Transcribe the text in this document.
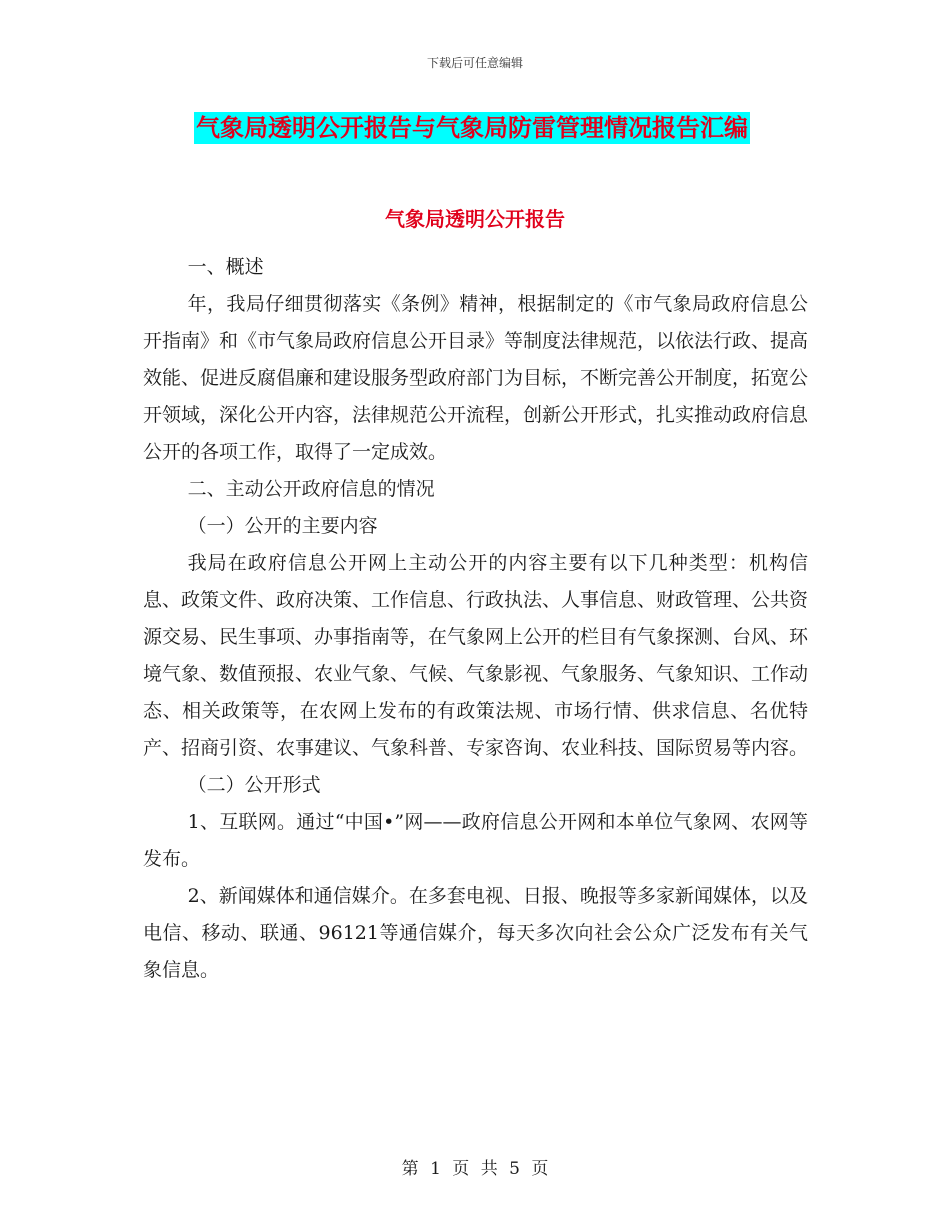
下载后可任意编辑
气象局透明公开报告与气象局防雷管理情况报告汇编
气象局透明公开报告

一、概述

年，我局仔细贯彻落实《条例》精神，根据制定的《市气象局政府信息公开指南》和《市气象局政府信息公开目录》等制度法律规范，以依法行政、提高效能、促进反腐倡廉和建设服务型政府部门为目标，不断完善公开制度，拓宽公开领域，深化公开内容，法律规范公开流程，创新公开形式，扎实推动政府信息公开的各项工作，取得了一定成效。

二、主动公开政府信息的情况

（一）公开的主要内容

我局在政府信息公开网上主动公开的内容主要有以下几种类型：机构信息、政策文件、政府决策、工作信息、行政执法、人事信息、财政管理、公共资源交易、民生事项、办事指南等，在气象网上公开的栏目有气象探测、台风、环境气象、数值预报、农业气象、气候、气象影视、气象服务、气象知识、工作动态、相关政策等，在农网上发布的有政策法规、市场行情、供求信息、名优特产、招商引资、农事建议、气象科普、专家咨询、农业科技、国际贸易等内容。

（二）公开形式

1、互联网。通过“中国•”网——政府信息公开网和本单位气象网、农网等发布。

2、新闻媒体和通信媒介。在多套电视、日报、晚报等多家新闻媒体，以及电信、移动、联通、96121等通信媒介，每天多次向社会公众广泛发布有关气象信息。

第 1 页 共 5 页
